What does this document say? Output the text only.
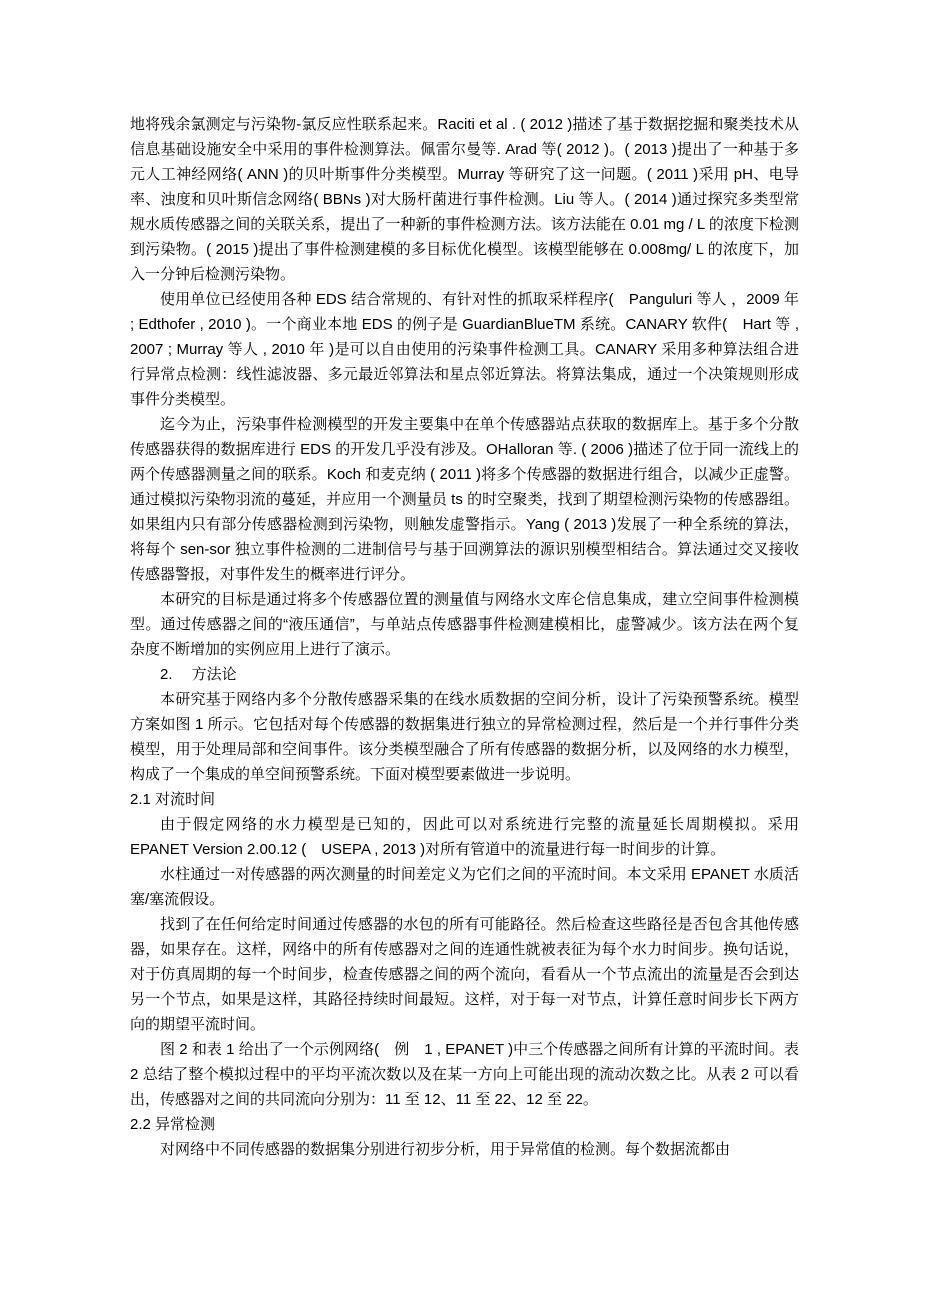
地将残余氯测定与污染物-氯反应性联系起来。Raciti et al . ( 2012 )描述了基于数据挖掘和聚类技术从信息基础设施安全中采用的事件检测算法。佩雷尔曼等. Arad 等( 2012 )。( 2013 )提出了一种基于多元人工神经网络( ANN )的贝叶斯事件分类模型。Murray 等研究了这一问题。( 2011 )采用 pH、电导率、浊度和贝叶斯信念网络( BBNs )对大肠杆菌进行事件检测。Liu 等人。( 2014 )通过探究多类型常规水质传感器之间的关联关系，提出了一种新的事件检测方法。该方法能在 0.01 mg / L 的浓度下检测到污染物。( 2015 )提出了事件检测建模的多目标优化模型。该模型能够在 0.008mg/ L 的浓度下，加入一分钟后检测污染物。

使用单位已经使用各种 EDS 结合常规的、有针对性的抓取采样程序(　Panguluri 等人 ，2009 年 ; Edthofer , 2010 )。一个商业本地 EDS 的例子是 GuardianBlueTM 系统。CANARY 软件(　Hart 等 , 2007 ; Murray 等人 , 2010 年 )是可以自由使用的污染事件检测工具。CANARY 采用多种算法组合进行异常点检测：线性滤波器、多元最近邻算法和星点邻近算法。将算法集成，通过一个决策规则形成事件分类模型。

迄今为止，污染事件检测模型的开发主要集中在单个传感器站点获取的数据库上。基于多个分散传感器获得的数据库进行 EDS 的开发几乎没有涉及。OHalloran 等. ( 2006 )描述了位于同一流线上的两个传感器测量之间的联系。Koch 和麦克纳 ( 2011 )将多个传感器的数据进行组合，以减少正虚警。通过模拟污染物羽流的蔓延，并应用一个测量员 ts 的时空聚类，找到了期望检测污染物的传感器组。如果组内只有部分传感器检测到污染物，则触发虚警指示。Yang ( 2013 )发展了一种全系统的算法，将每个 sen-sor 独立事件检测的二进制信号与基于回溯算法的源识别模型相结合。算法通过交叉接收传感器警报，对事件发生的概率进行评分。

本研究的目标是通过将多个传感器位置的测量值与网络水文库仑信息集成，建立空间事件检测模型。通过传感器之间的“液压通信”，与单站点传感器事件检测建模相比，虚警减少。该方法在两个复杂度不断增加的实例应用上进行了演示。

2.　 方法论

本研究基于网络内多个分散传感器采集的在线水质数据的空间分析，设计了污染预警系统。模型方案如图 1 所示。它包括对每个传感器的数据集进行独立的异常检测过程，然后是一个并行事件分类模型，用于处理局部和空间事件。该分类模型融合了所有传感器的数据分析，以及网络的水力模型，构成了一个集成的单空间预警系统。下面对模型要素做进一步说明。

2.1 对流时间

由于假定网络的水力模型是已知的，因此可以对系统进行完整的流量延长周期模拟。采用 EPANET Version 2.00.12 (　USEPA , 2013 )对所有管道中的流量进行每一时间步的计算。

水柱通过一对传感器的两次测量的时间差定义为它们之间的平流时间。本文采用 EPANET 水质活塞/塞流假设。

找到了在任何给定时间通过传感器的水包的所有可能路径。然后检查这些路径是否包含其他传感器，如果存在。这样，网络中的所有传感器对之间的连通性就被表征为每个水力时间步。换句话说，对于仿真周期的每一个时间步，检查传感器之间的两个流向，看看从一个节点流出的流量是否会到达另一个节点，如果是这样，其路径持续时间最短。这样，对于每一对节点，计算任意时间步长下两方向的期望平流时间。

图 2 和表 1 给出了一个示例网络(　例　1 , EPANET )中三个传感器之间所有计算的平流时间。表 2 总结了整个模拟过程中的平均平流次数以及在某一方向上可能出现的流动次数之比。从表 2 可以看出，传感器对之间的共同流向分别为：11 至 12、11 至 22、12 至 22。

2.2 异常检测

对网络中不同传感器的数据集分别进行初步分析，用于异常值的检测。每个数据流都由
